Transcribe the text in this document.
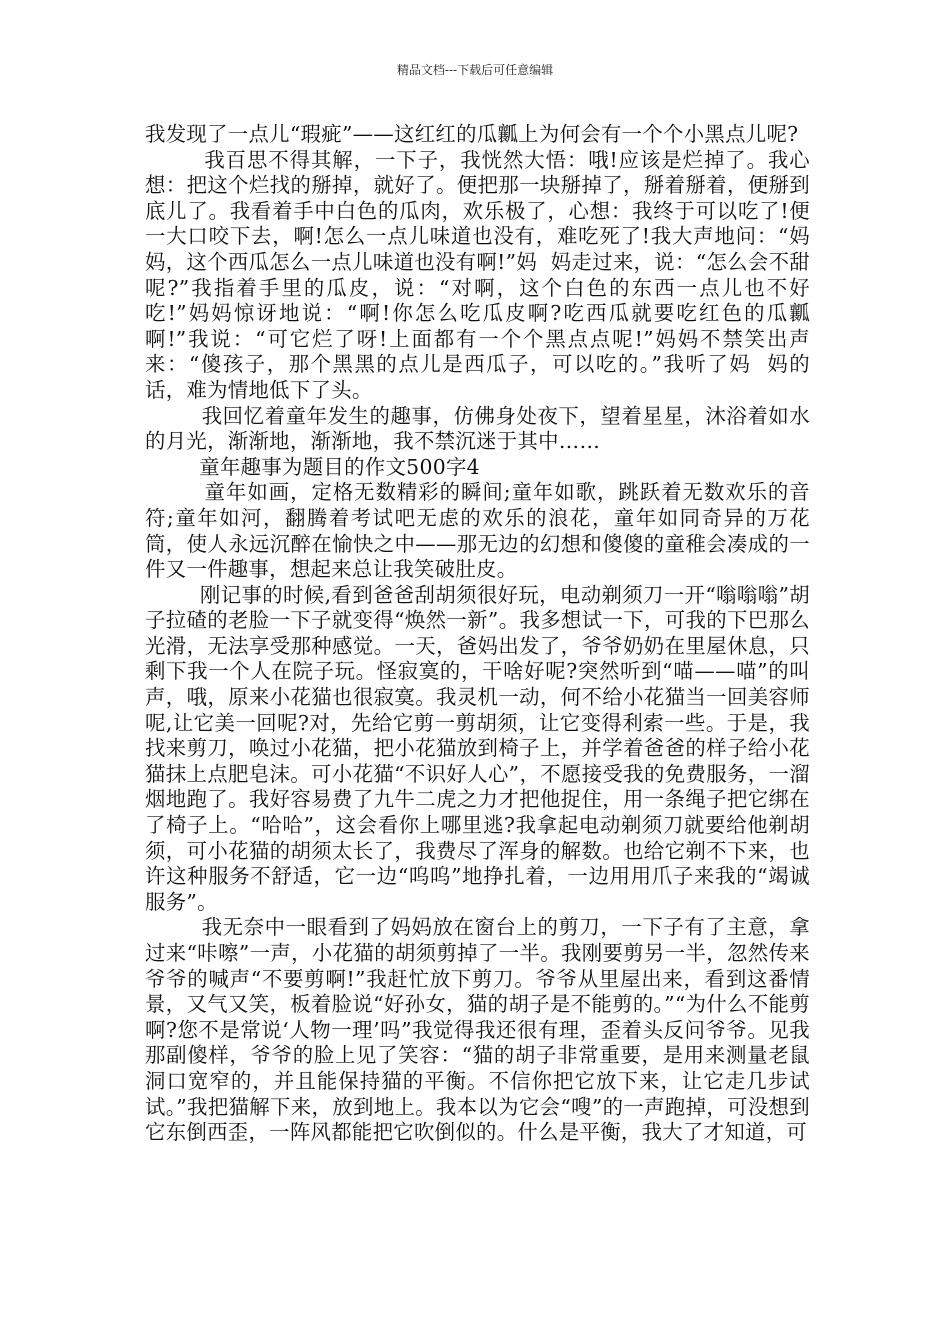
精品文档---下载后可任意编辑

我发现了一点儿“瑕疵”——这红红的瓜瓤上为何会有一个个小黑点儿呢?

我百思不得其解，一下子，我恍然大悟：哦!应该是烂掉了。我心想：把这个烂找的掰掉，就好了。便把那一块掰掉了，掰着掰着，便掰到底儿了。我看着手中白色的瓜肉，欢乐极了，心想：我终于可以吃了!便一大口咬下去，啊!怎么一点儿味道也没有，难吃死了!我大声地问：“妈妈，这个西瓜怎么一点儿味道也没有啊!”妈  妈走过来，说：“怎么会不甜呢?”我指着手里的瓜皮，说：“对啊，这个白色的东西一点儿也不好吃!”妈妈惊讶地说：“啊!你怎么吃瓜皮啊?吃西瓜就要吃红色的瓜瓤啊!”我说：“可它烂了呀!上面都有一个个黑点点呢!”妈妈不禁笑出声来：“傻孩子，那个黑黑的点儿是西瓜子，可以吃的。”我听了妈  妈的话，难为情地低下了头。

我回忆着童年发生的趣事，仿佛身处夜下，望着星星，沐浴着如水的月光，渐渐地，渐渐地，我不禁沉迷于其中……

童年趣事为题目的作文500字4

童年如画，定格无数精彩的瞬间;童年如歌，跳跃着无数欢乐的音符;童年如河，翻腾着考试吧无虑的欢乐的浪花，童年如同奇异的万花筒，使人永远沉醉在愉快之中——那无边的幻想和傻傻的童稚会凑成的一件又一件趣事，想起来总让我笑破肚皮。

刚记事的时候,看到爸爸刮胡须很好玩，电动剃须刀一开“嗡嗡嗡”胡子拉碴的老脸一下子就变得“焕然一新”。我多想试一下，可我的下巴那么光滑，无法享受那种感觉。一天，爸妈出发了，爷爷奶奶在里屋休息，只剩下我一个人在院子玩。怪寂寞的，干啥好呢?突然听到“喵——喵”的叫声，哦，原来小花猫也很寂寞。我灵机一动，何不给小花猫当一回美容师呢,让它美一回呢?对，先给它剪一剪胡须，让它变得利索一些。于是，我找来剪刀，唤过小花猫，把小花猫放到椅子上，并学着爸爸的样子给小花猫抹上点肥皂沫。可小花猫“不识好人心”，不愿接受我的免费服务，一溜烟地跑了。我好容易费了九牛二虎之力才把他捉住，用一条绳子把它绑在了椅子上。“哈哈”，这会看你上哪里逃?我拿起电动剃须刀就要给他剃胡须，可小花猫的胡须太长了，我费尽了浑身的解数。也给它剃不下来，也许这种服务不舒适，它一边“呜呜”地挣扎着，一边用用爪子来我的“竭诚服务”。

我无奈中一眼看到了妈妈放在窗台上的剪刀，一下子有了主意，拿过来“咔嚓”一声，小花猫的胡须剪掉了一半。我刚要剪另一半，忽然传来爷爷的喊声“不要剪啊!”我赶忙放下剪刀。爷爷从里屋出来，看到这番情景，又气又笑，板着脸说“好孙女，猫的胡子是不能剪的。”“为什么不能剪啊?您不是常说‘人物一理’吗”我觉得我还很有理，歪着头反问爷爷。见我那副傻样，爷爷的脸上见了笑容：“猫的胡子非常重要，是用来测量老鼠洞口宽窄的，并且能保持猫的平衡。不信你把它放下来，让它走几步试试。”我把猫解下来，放到地上。我本以为它会“嗖”的一声跑掉，可没想到它东倒西歪，一阵风都能把它吹倒似的。什么是平衡，我大了才知道，可
